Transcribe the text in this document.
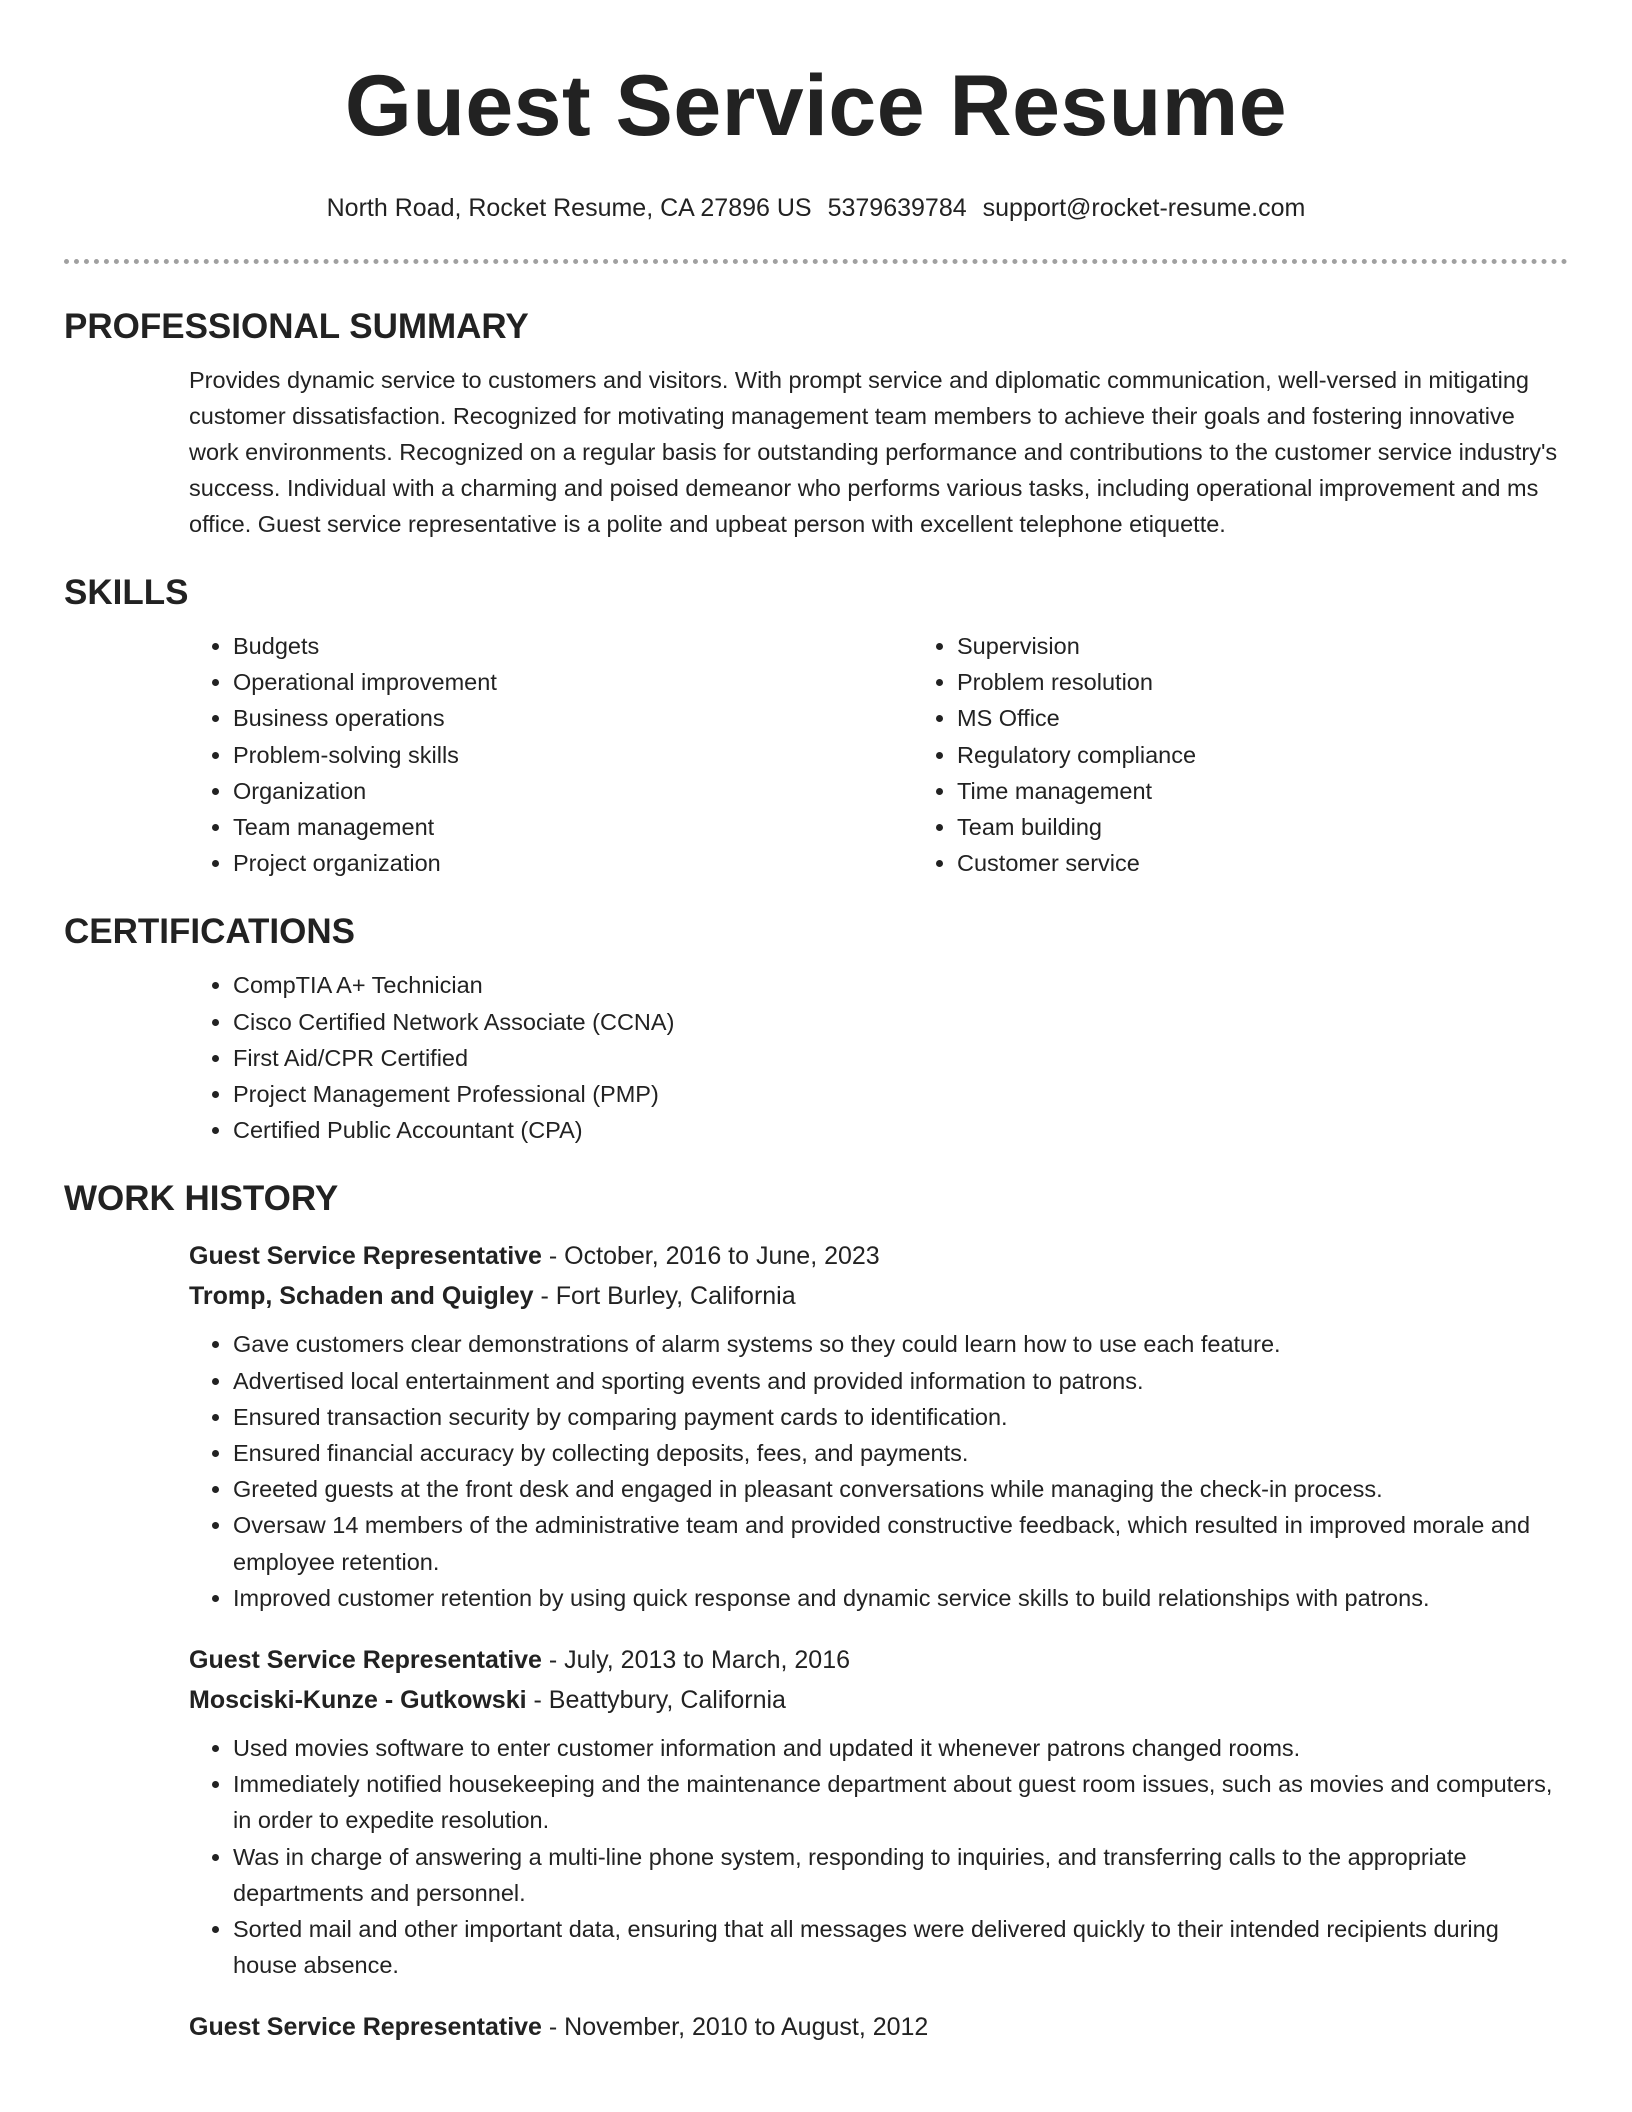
Guest Service Resume
North Road, Rocket Resume, CA 27896 US 5379639784 support@rocket-resume.com
PROFESSIONAL SUMMARY

Provides dynamic service to customers and visitors. With prompt service and diplomatic communication, well-versed in mitigating customer dissatisfaction. Recognized for motivating management team members to achieve their goals and fostering innovative work environments. Recognized on a regular basis for outstanding performance and contributions to the customer service industry's success. Individual with a charming and poised demeanor who performs various tasks, including operational improvement and ms office. Guest service representative is a polite and upbeat person with excellent telephone etiquette.

SKILLS
• Budgets
• Operational improvement
• Business operations
• Problem-solving skills
• Organization
• Team management
• Project organization
• Supervision
• Problem resolution
• MS Office
• Regulatory compliance
• Time management
• Team building
• Customer service
CERTIFICATIONS
• CompTIA A+ Technician
• Cisco Certified Network Associate (CCNA)
• First Aid/CPR Certified
• Project Management Professional (PMP)
• Certified Public Accountant (CPA)
WORK HISTORY
Guest Service Representative - October, 2016 to June, 2023
Tromp, Schaden and Quigley - Fort Burley, California
• Gave customers clear demonstrations of alarm systems so they could learn how to use each feature.
• Advertised local entertainment and sporting events and provided information to patrons.
• Ensured transaction security by comparing payment cards to identification.
• Ensured financial accuracy by collecting deposits, fees, and payments.
• Greeted guests at the front desk and engaged in pleasant conversations while managing the check-in process.
• Oversaw 14 members of the administrative team and provided constructive feedback, which resulted in improved morale and employee retention.
• Improved customer retention by using quick response and dynamic service skills to build relationships with patrons.
Guest Service Representative - July, 2013 to March, 2016
Mosciski-Kunze - Gutkowski - Beattybury, California
• Used movies software to enter customer information and updated it whenever patrons changed rooms.
• Immediately notified housekeeping and the maintenance department about guest room issues, such as movies and computers, in order to expedite resolution.
• Was in charge of answering a multi-line phone system, responding to inquiries, and transferring calls to the appropriate departments and personnel.
• Sorted mail and other important data, ensuring that all messages were delivered quickly to their intended recipients during house absence.
Guest Service Representative - November, 2010 to August, 2012
